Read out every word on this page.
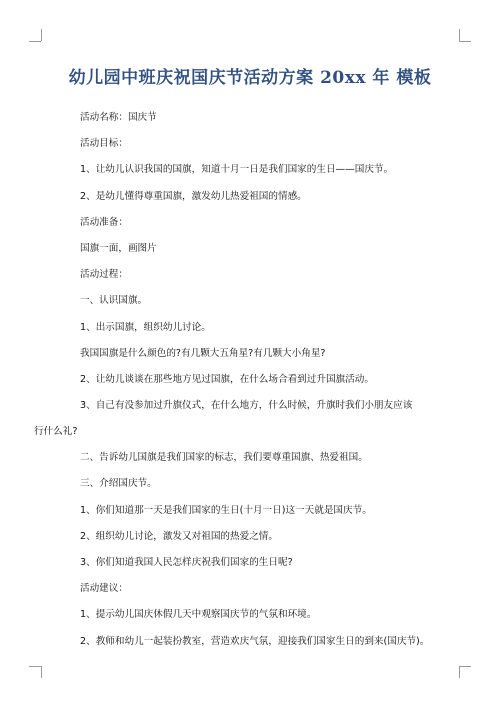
幼儿园中班庆祝国庆节活动方案 20xx 年 模板

活动名称：国庆节

活动目标：

1、让幼儿认识我国的国旗，知道十月一日是我们国家的生日——国庆节。

2、是幼儿懂得尊重国旗，激发幼儿热爱祖国的情感。

活动准备：

国旗一面，画图片

活动过程：

一、认识国旗。

1、出示国旗，组织幼儿讨论。

我国国旗是什么颜色的?有几颗大五角星?有几颗大小角星?

2、让幼儿谈谈在那些地方见过国旗，在什么场合看到过升国旗活动。

3、自己有没参加过升旗仪式，在什么地方，什么时候，升旗时我们小朋友应该
行什么礼?

二、告诉幼儿国旗是我们国家的标志，我们要尊重国旗、热爱祖国。

三、介绍国庆节。

1、你们知道那一天是我们国家的生日(十月一日)这一天就是国庆节。

2、组织幼儿讨论，激发又对祖国的热爱之情。

3、你们知道我国人民怎样庆祝我们国家的生日呢?

活动建议：

1、提示幼儿国庆休假几天中观察国庆节的气氛和环境。

2、教师和幼儿一起装扮教室，营造欢庆气氛，迎接我们国家生日的到来(国庆节)。
